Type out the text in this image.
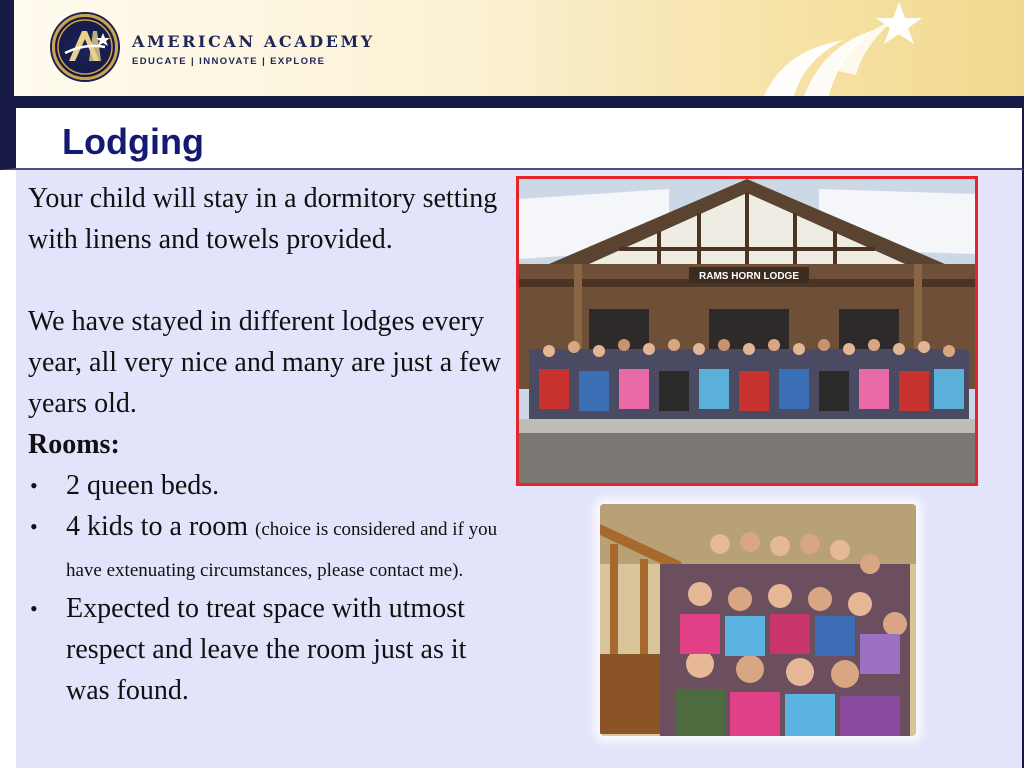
AMERICAN ACADEMY
EDUCATE | INNOVATE | EXPLORE
Lodging
Your child will stay in a dormitory setting with linens and towels provided.
We have stayed in different lodges every year, all very nice and many are just a few years old.
Rooms:
• 2 queen beds.
• 4 kids to a room (choice is considered and if you have extenuating circumstances, please contact me).
• Expected to treat space with utmost respect and leave the room just as it was found.
RAMS HORN LODGE
